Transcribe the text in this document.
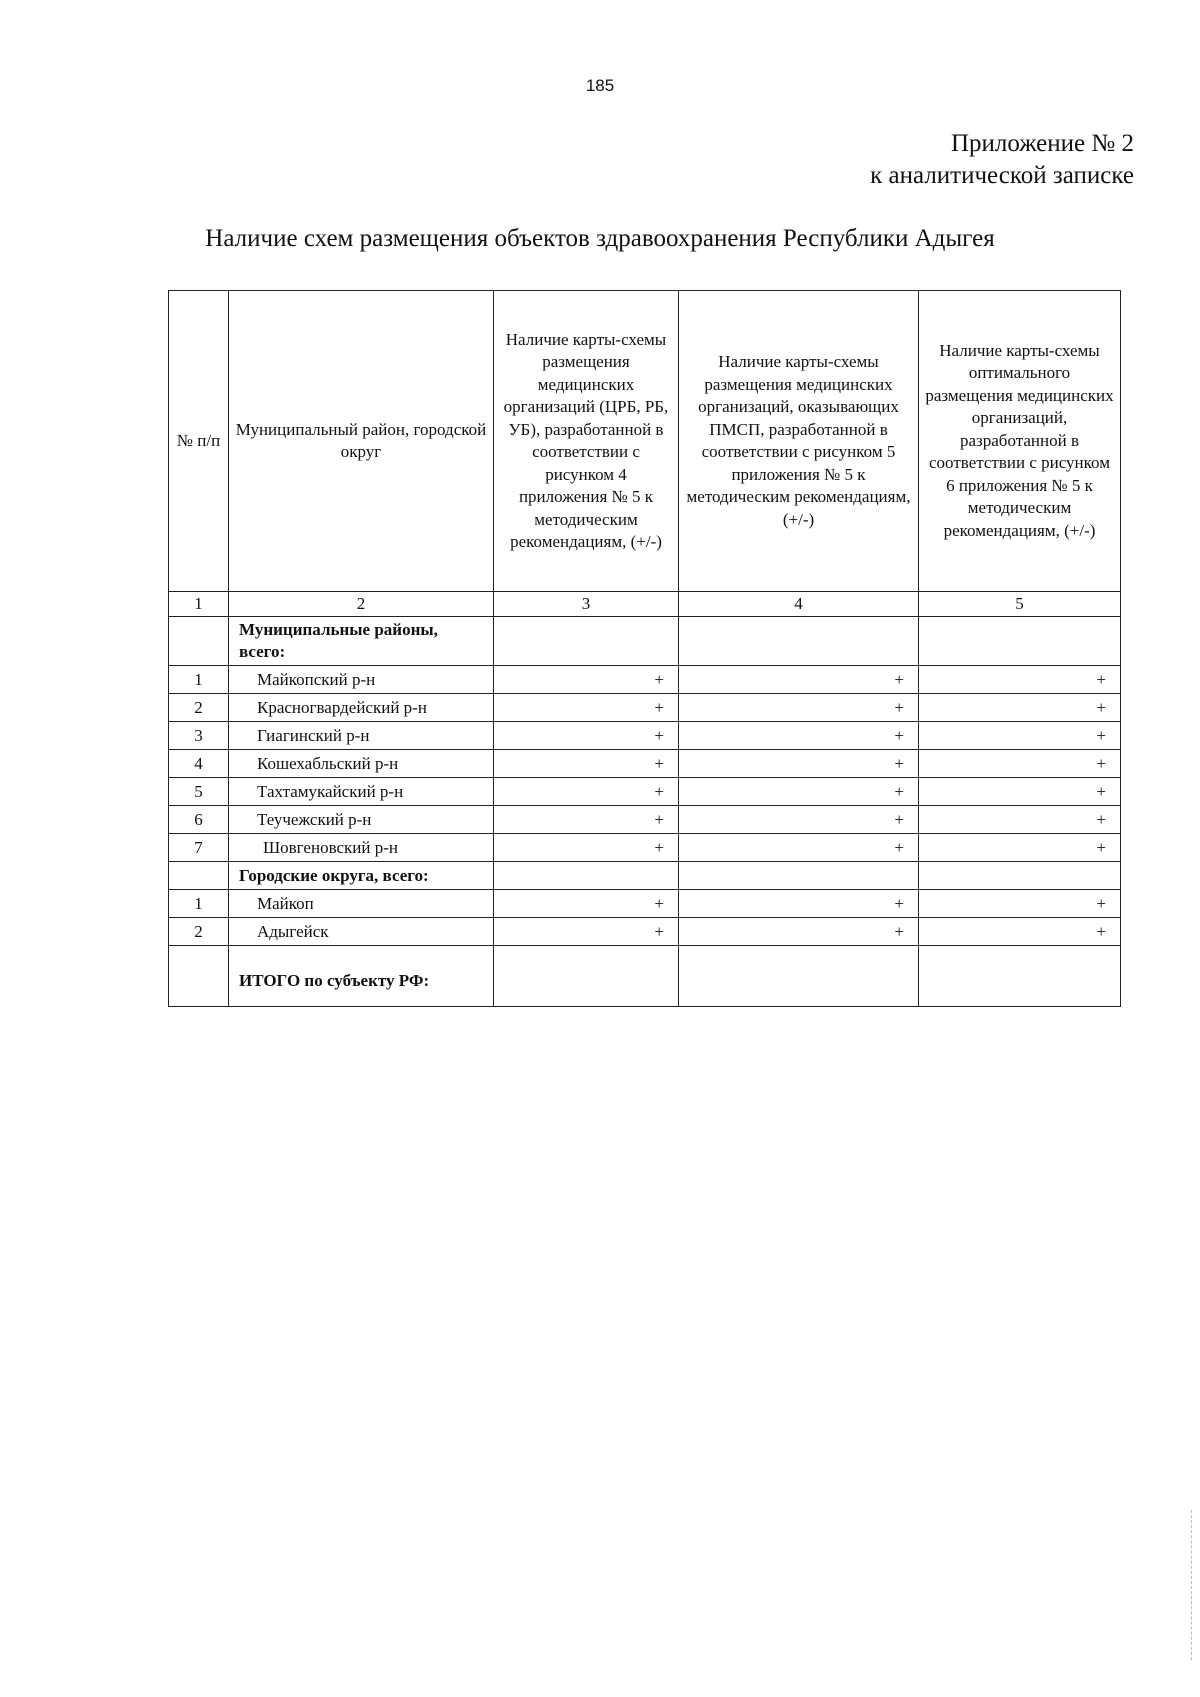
185
Приложение № 2
к аналитической записке
Наличие схем размещения объектов здравоохранения Республики Адыгея
№ п/п	Муниципальный район, городской округ	Наличие карты-схемы размещения медицинских организаций (ЦРБ, РБ, УБ), разработанной в соответствии с рисунком 4 приложения № 5 к методическим рекомендациям, (+/-)	Наличие карты-схемы размещения медицинских организаций, оказывающих ПМСП, разработанной в соответствии с рисунком 5 приложения № 5 к методическим рекомендациям, (+/-)	Наличие карты-схемы оптимального размещения медицинских организаций, разработанной в соответствии с рисунком 6 приложения № 5 к методическим рекомендациям, (+/-)
1	2	3	4	5
	Муниципальные районы, всего:			
1	Майкопский р-н	+	+	+
2	Красногвардейский р-н	+	+	+
3	Гиагинский р-н	+	+	+
4	Кошехабльский р-н	+	+	+
5	Тахтамукайский р-н	+	+	+
6	Теучежский р-н	+	+	+
7	Шовгеновский р-н	+	+	+
	Городские округа, всего:			
1	Майкоп	+	+	+
2	Адыгейск	+	+	+
	ИТОГО по субъекту РФ:			
